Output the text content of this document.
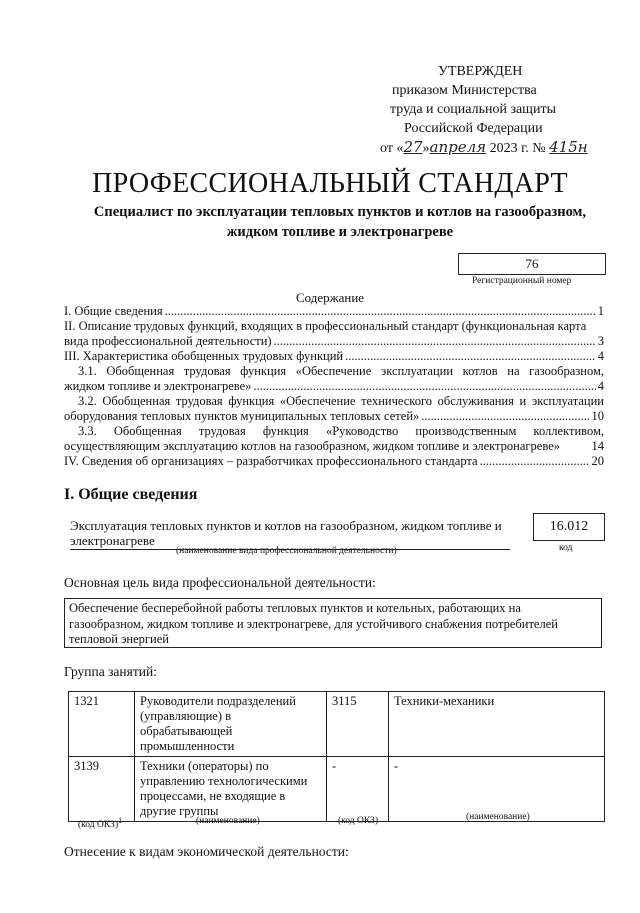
УТВЕРЖДЕН
приказом Министерства
труда и социальной защиты
Российской Федерации
от «27»апреля 2023 г. № 415н
ПРОФЕССИОНАЛЬНЫЙ СТАНДАРТ
Специалист по эксплуатации тепловых пунктов и котлов на газообразном,
жидком топливе и электронагреве
76
Регистрационный номер
Содержание
I. Общие сведения .....	1
II. Описание трудовых функций, входящих в профессиональный стандарт (функциональная карта
вида профессиональной деятельности) .....	3
III. Характеристика обобщенных трудовых функций .....	4
3.1. Обобщенная трудовая функция «Обеспечение эксплуатации котлов на газообразном,
жидком топливе и электронагреве» .....	4
3.2. Обобщенная трудовая функция «Обеспечение технического обслуживания и эксплуатации
оборудования тепловых пунктов муниципальных тепловых сетей» .....	10
3.3. Обобщенная трудовая функция «Руководство производственным коллективом,
осуществляющим эксплуатацию котлов на газообразном, жидком топливе и электронагреве»	14
IV. Сведения об организациях – разработчиках профессионального стандарта .....	20
I. Общие сведения
Эксплуатация тепловых пунктов и котлов на газообразном, жидком топливе и электронагреве
(наименование вида профессиональной деятельности)
16.012
код
Основная цель вида профессиональной деятельности:
Обеспечение бесперебойной работы тепловых пунктов и котельных, работающих на газообразном, жидком топливе и электронагреве, для устойчивого снабжения потребителей тепловой энергией
Группа занятий:
1321	Руководители подразделений (управляющие) в обрабатывающей промышленности	3115	Техники-механики
3139	Техники (операторы) по управлению технологическими процессами, не входящие в другие группы	-	-
(код ОКЗ)$^1$	(наименование)	(код ОКЗ)	(наименование)
Отнесение к видам экономической деятельности:
